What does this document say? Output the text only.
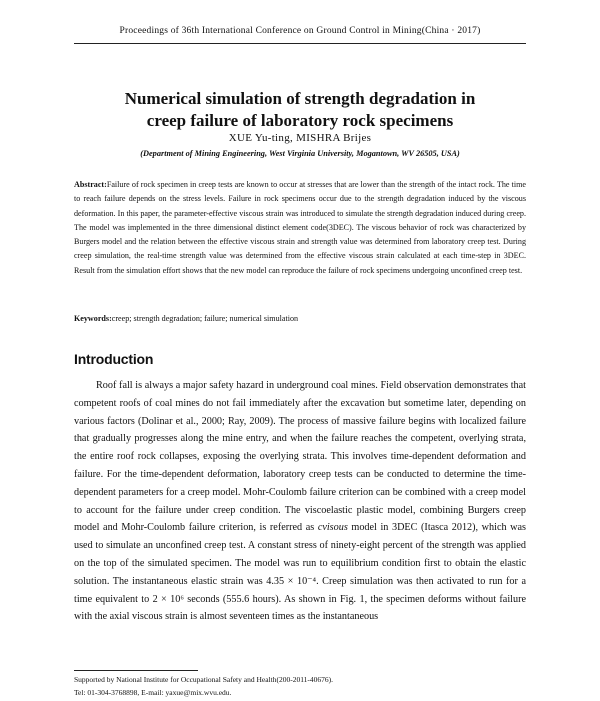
Proceedings of 36th International Conference on Ground Control in Mining(China · 2017)
Numerical simulation of strength degradation in
creep failure of laboratory rock specimens
XUE Yu-ting, MISHRA Brijes
(Department of Mining Engineering, West Virginia University, Mogantown, WV 26505, USA)
Abstract:Failure of rock specimen in creep tests are known to occur at stresses that are lower than the strength of the intact rock. The time to reach failure depends on the stress levels. Failure in rock specimens occur due to the strength degradation induced by the viscous deformation. In this paper, the parameter-effective viscous strain was introduced to simulate the strength degradation induced during creep. The model was implemented in the three dimensional distinct element code(3DEC). The viscous behavior of rock was characterized by Burgers model and the relation between the effective viscous strain and strength value was determined from laboratory creep test. During creep simulation, the real-time strength value was determined from the effective viscous strain calculated at each time-step in 3DEC. Result from the simulation effort shows that the new model can reproduce the failure of rock specimens undergoing unconfined creep test.
Keywords:creep; strength degradation; failure; numerical simulation
Introduction
Roof fall is always a major safety hazard in underground coal mines. Field observation demonstrates that competent roofs of coal mines do not fail immediately after the excavation but sometime later, depending on various factors (Dolinar et al., 2000; Ray, 2009). The process of massive failure begins with localized failure that gradually progresses along the mine entry, and when the failure reaches the competent, overlying strata, the entire roof rock collapses, exposing the overlying strata. This involves time-dependent deformation and failure. For the time-dependent deformation, laboratory creep tests can be conducted to determine the time-dependent parameters for a creep model. Mohr-Coulomb failure criterion can be combined with a creep model to account for the failure under creep condition. The viscoelastic plastic model, combining Burgers creep model and Mohr-Coulomb failure criterion, is referred as cvisous model in 3DEC (Itasca 2012), which was used to simulate an unconfined creep test. A constant stress of ninety-eight percent of the strength was applied on the top of the simulated specimen. The model was run to equilibrium condition first to obtain the elastic solution. The instantaneous elastic strain was 4.35 × 10⁻⁴. Creep simulation was then activated to run for a time equivalent to 2 × 10⁶ seconds (555.6 hours). As shown in Fig. 1, the specimen deforms without failure with the axial viscous strain is almost seventeen times as the instantaneous
Supported by National Institute for Occupational Safety and Health(200-2011-40676).
Tel: 01-304-3768898, E-mail: yaxue@mix.wvu.edu.
